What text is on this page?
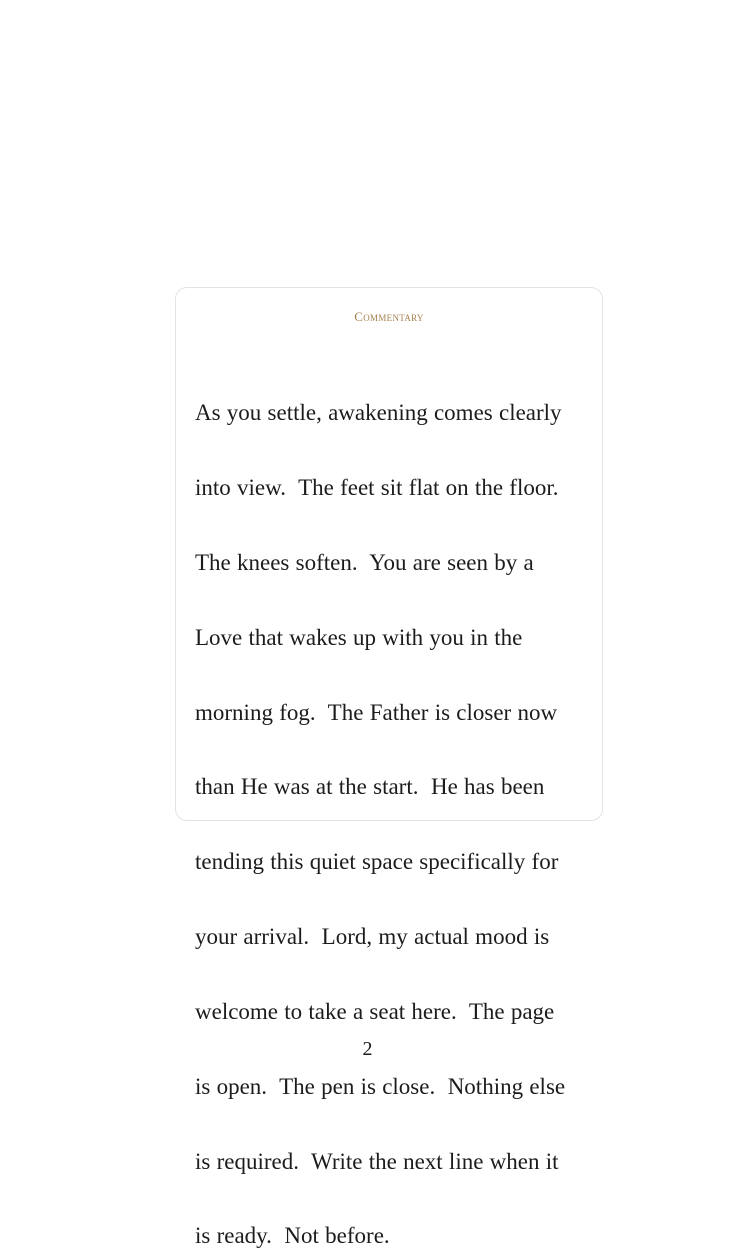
Commentary

As you settle, awakening comes clearly

into view.  The feet sit flat on the floor.

The knees soften.  You are seen by a

Love that wakes up with you in the

morning fog.  The Father is closer now

than He was at the start.  He has been

tending this quiet space specifically for

your arrival.  Lord, my actual mood is

welcome to take a seat here.  The page

is open.  The pen is close.  Nothing else

is required.  Write the next line when it

is ready.  Not before.

2
